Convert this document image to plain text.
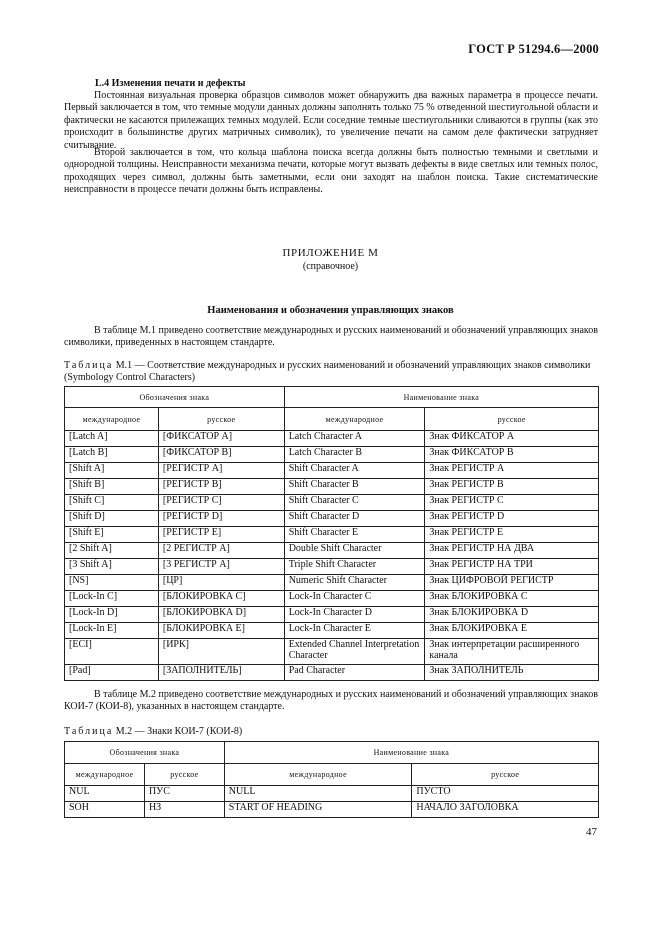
ГОСТ Р 51294.6—2000
L.4 Изменения печати и дефекты

Постоянная визуальная проверка образцов символов может обнаружить два важных параметра в процессе печати. Первый заключается в том, что темные модули данных должны заполнять только 75 % отведенной шестиугольной области и фактически не касаются прилежащих темных модулей. Если соседние темные шестиугольники сливаются в группы (как это происходит в большинстве других матричных символик), то увеличение печати на самом деле фактически затрудняет считывание.

Второй заключается в том, что кольца шаблона поиска всегда должны быть полностью темными и светлыми и однородной толщины. Неисправности механизма печати, которые могут вызвать дефекты в виде светлых или темных полос, проходящих через символ, должны быть заметными, если они заходят на шаблон поиска. Такие систематические неисправности в процессе печати должны быть исправлены.

ПРИЛОЖЕНИЕ М
(справочное)
Наименования и обозначения управляющих знаков

В таблице М.1 приведено соответствие международных и русских наименований и обозначений управляющих знаков символики, приведенных в настоящем стандарте.

Таблица М.1 — Соответствие международных и русских наименований и обозначений управляющих знаков символики (Symbology Control Characters)
Обозначения знака		Наименование знака	
международное	русское	международное	русское
[Latch A]	[ФИКСАТОР А]	Latch Character A	Знак ФИКСАТОР А
[Latch B]	[ФИКСАТОР В]	Latch Character B	Знак ФИКСАТОР В
[Shift A]	[РЕГИСТР А]	Shift Character A	Знак РЕГИСТР А
[Shift B]	[РЕГИСТР В]	Shift Character B	Знак РЕГИСТР В
[Shift C]	[РЕГИСТР С]	Shift Character C	Знак РЕГИСТР С
[Shift D]	[РЕГИСТР D]	Shift Character D	Знак РЕГИСТР D
[Shift E]	[РЕГИСТР Е]	Shift Character E	Знак РЕГИСТР Е
[2 Shift A]	[2 РЕГИСТР А]	Double Shift Character	Знак РЕГИСТР НА ДВА
[3 Shift A]	[3 РЕГИСТР А]	Triple Shift Character	Знак РЕГИСТР НА ТРИ
[NS]	[ЦР]	Numeric Shift Character	Знак ЦИФРОВОЙ РЕГИСТР
[Lock-In C]	[БЛОКИРОВКА С]	Lock-In Character C	Знак БЛОКИРОВКА С
[Lock-In D]	[БЛОКИРОВКА D]	Lock-In Character D	Знак БЛОКИРОВКА D
[Lock-In E]	[БЛОКИРОВКА Е]	Lock-In Character E	Знак БЛОКИРОВКА Е
[ECI]	[ИРК]	Extended Channel Interpretation Character	Знак интерпретации расширенного канала
[Pad]	[ЗАПОЛНИТЕЛЬ]	Pad Character	Знак ЗАПОЛНИТЕЛЬ

В таблице М.2 приведено соответствие международных и русских наименований и обозначений управляющих знаков КОИ-7 (КОИ-8), указанных в настоящем стандарте.

Таблица М.2 — Знаки КОИ-7 (КОИ-8)
Обозначения знака		Наименование знака	
международное	русское	международное	русское
NUL	ПУС	NULL	ПУСТО
SOH	НЗ	START OF HEADING	НАЧАЛО ЗАГОЛОВКА
47
